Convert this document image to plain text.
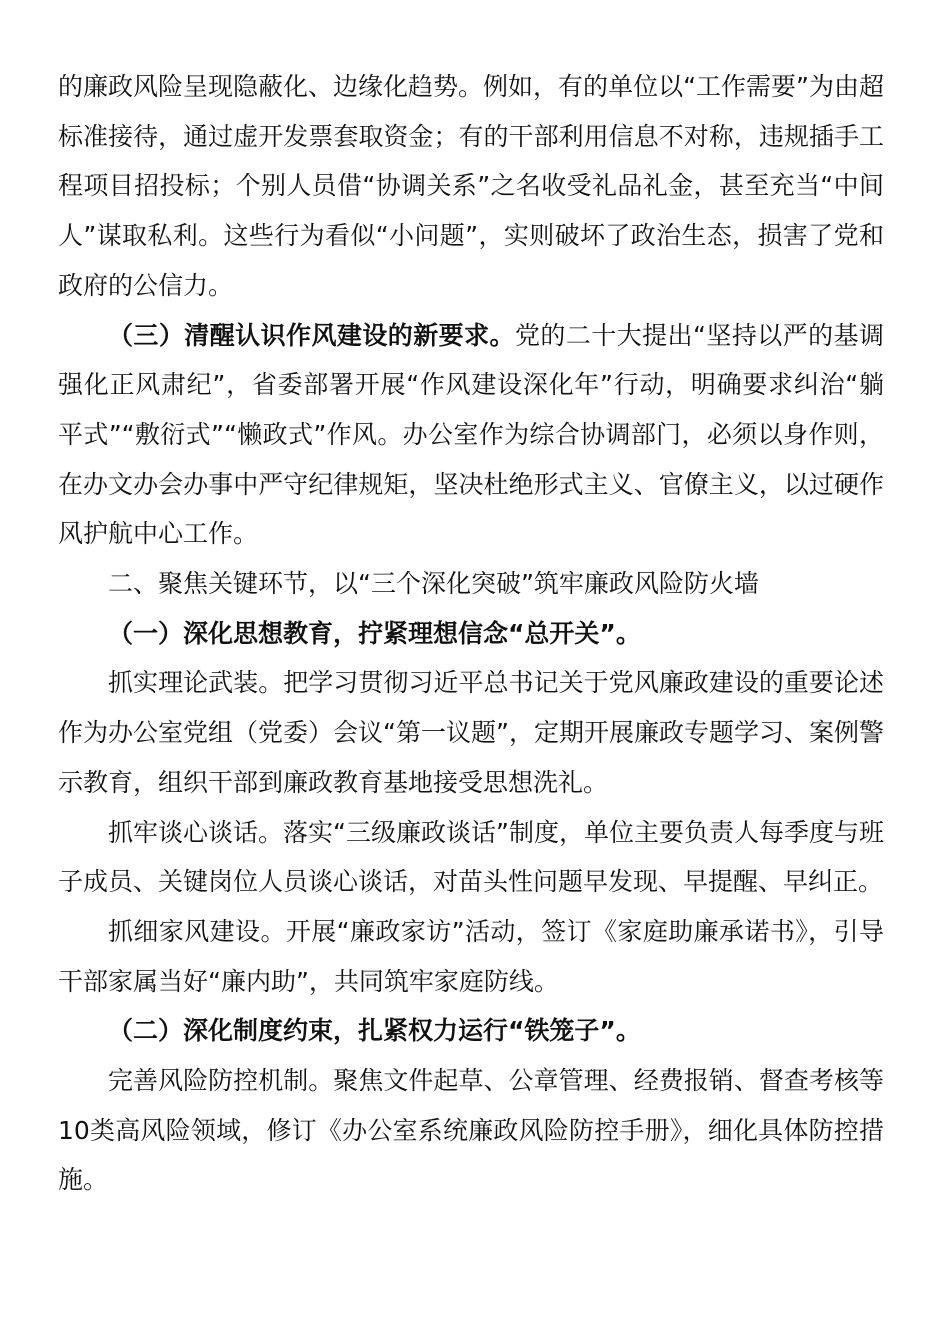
的廉政风险呈现隐蔽化、边缘化趋势。例如，有的单位以“工作需要”为由超标准接待，通过虚开发票套取资金；有的干部利用信息不对称，违规插手工程项目招投标；个别人员借“协调关系”之名收受礼品礼金，甚至充当“中间人”谋取私利。这些行为看似“小问题”，实则破坏了政治生态，损害了党和政府的公信力。

（三）清醒认识作风建设的新要求。党的二十大提出“坚持以严的基调强化正风肃纪”，省委部署开展“作风建设深化年”行动，明确要求纠治“躺平式”“敷衍式”“懒政式”作风。办公室作为综合协调部门，必须以身作则，在办文办会办事中严守纪律规矩，坚决杜绝形式主义、官僚主义，以过硬作风护航中心工作。

二、聚焦关键环节，以“三个深化突破”筑牢廉政风险防火墙

（一）深化思想教育，拧紧理想信念“总开关”。

抓实理论武装。把学习贯彻习近平总书记关于党风廉政建设的重要论述作为办公室党组（党委）会议“第一议题”，定期开展廉政专题学习、案例警示教育，组织干部到廉政教育基地接受思想洗礼。

抓牢谈心谈话。落实“三级廉政谈话”制度，单位主要负责人每季度与班子成员、关键岗位人员谈心谈话，对苗头性问题早发现、早提醒、早纠正。

抓细家风建设。开展“廉政家访”活动，签订《家庭助廉承诺书》，引导干部家属当好“廉内助”，共同筑牢家庭防线。

（二）深化制度约束，扎紧权力运行“铁笼子”。

完善风险防控机制。聚焦文件起草、公章管理、经费报销、督查考核等10类高风险领域，修订《办公室系统廉政风险防控手册》，细化具体防控措施。
